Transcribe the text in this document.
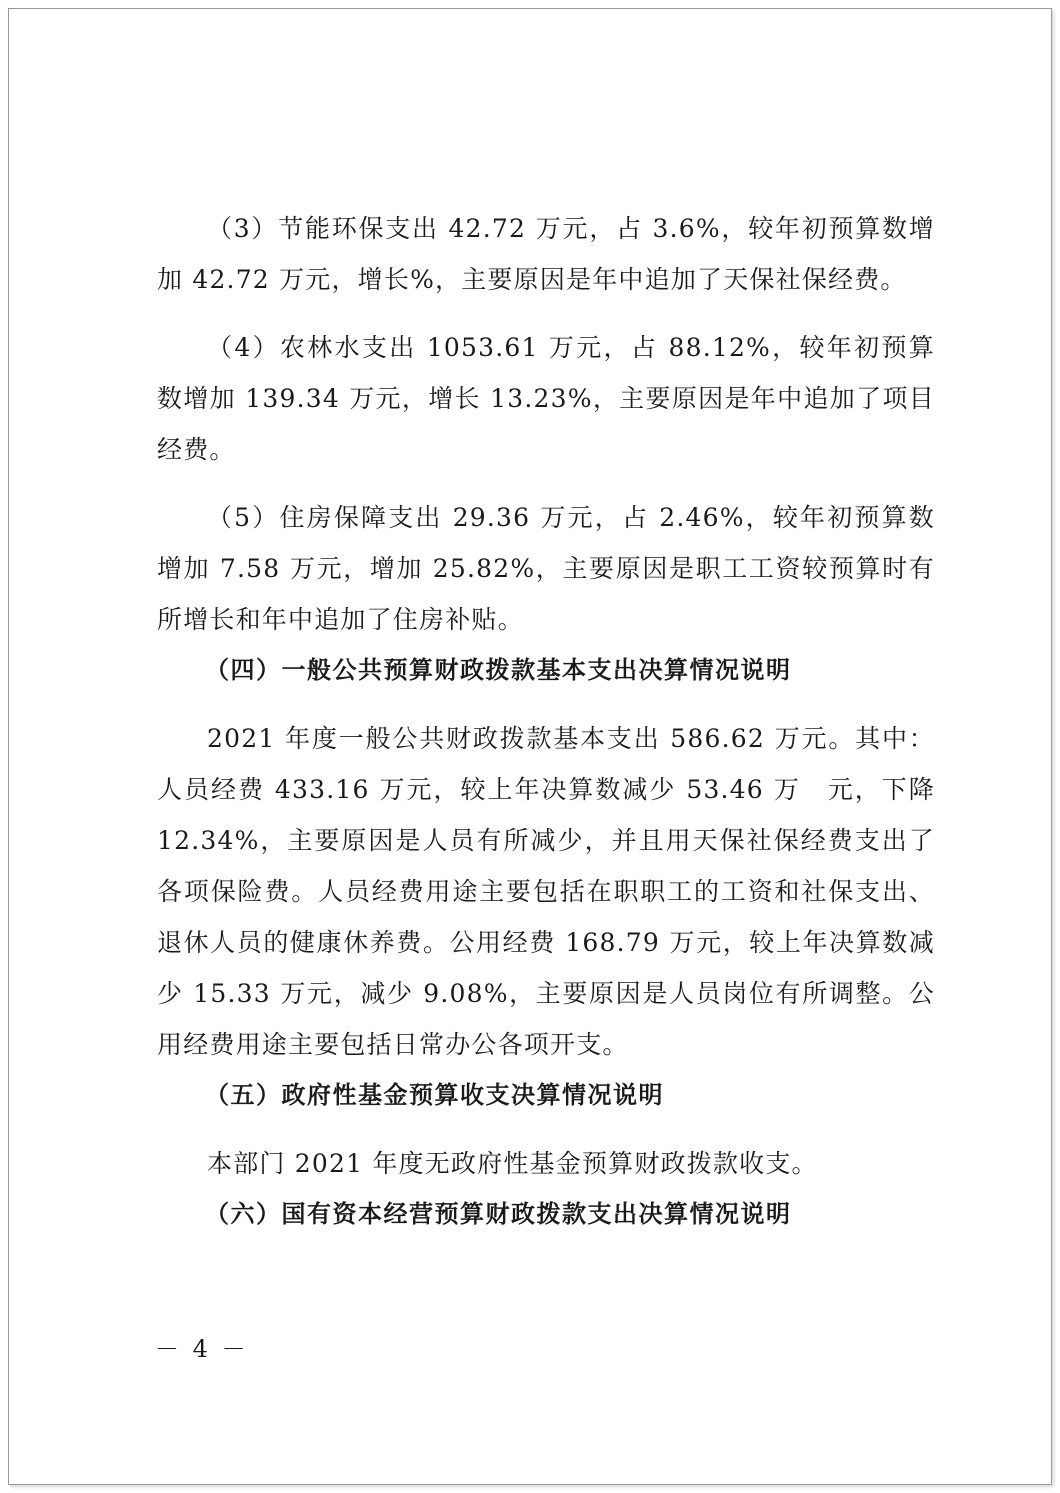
（3）节能环保支出 42.72 万元，占 3.6%，较年初预算数增加 42.72 万元，增长%，主要原因是年中追加了天保社保经费。

（4）农林水支出 1053.61 万元，占 88.12%，较年初预算数增加 139.34 万元，增长 13.23%，主要原因是年中追加了项目经费。

（5）住房保障支出 29.36 万元，占 2.46%，较年初预算数增加 7.58 万元，增加 25.82%，主要原因是职工工资较预算时有所增长和年中追加了住房补贴。

（四）一般公共预算财政拨款基本支出决算情况说明

2021 年度一般公共财政拨款基本支出 586.62 万元。其中：人员经费 433.16 万元，较上年决算数减少 53.46 万　元，下降 12.34%，主要原因是人员有所减少，并且用天保社保经费支出了各项保险费。人员经费用途主要包括在职职工的工资和社保支出、退休人员的健康休养费。公用经费 168.79 万元，较上年决算数减少 15.33 万元，减少 9.08%，主要原因是人员岗位有所调整。公用经费用途主要包括日常办公各项开支。

（五）政府性基金预算收支决算情况说明

本部门 2021 年度无政府性基金预算财政拨款收支。

（六）国有资本经营预算财政拨款支出决算情况说明
－ 4 －
